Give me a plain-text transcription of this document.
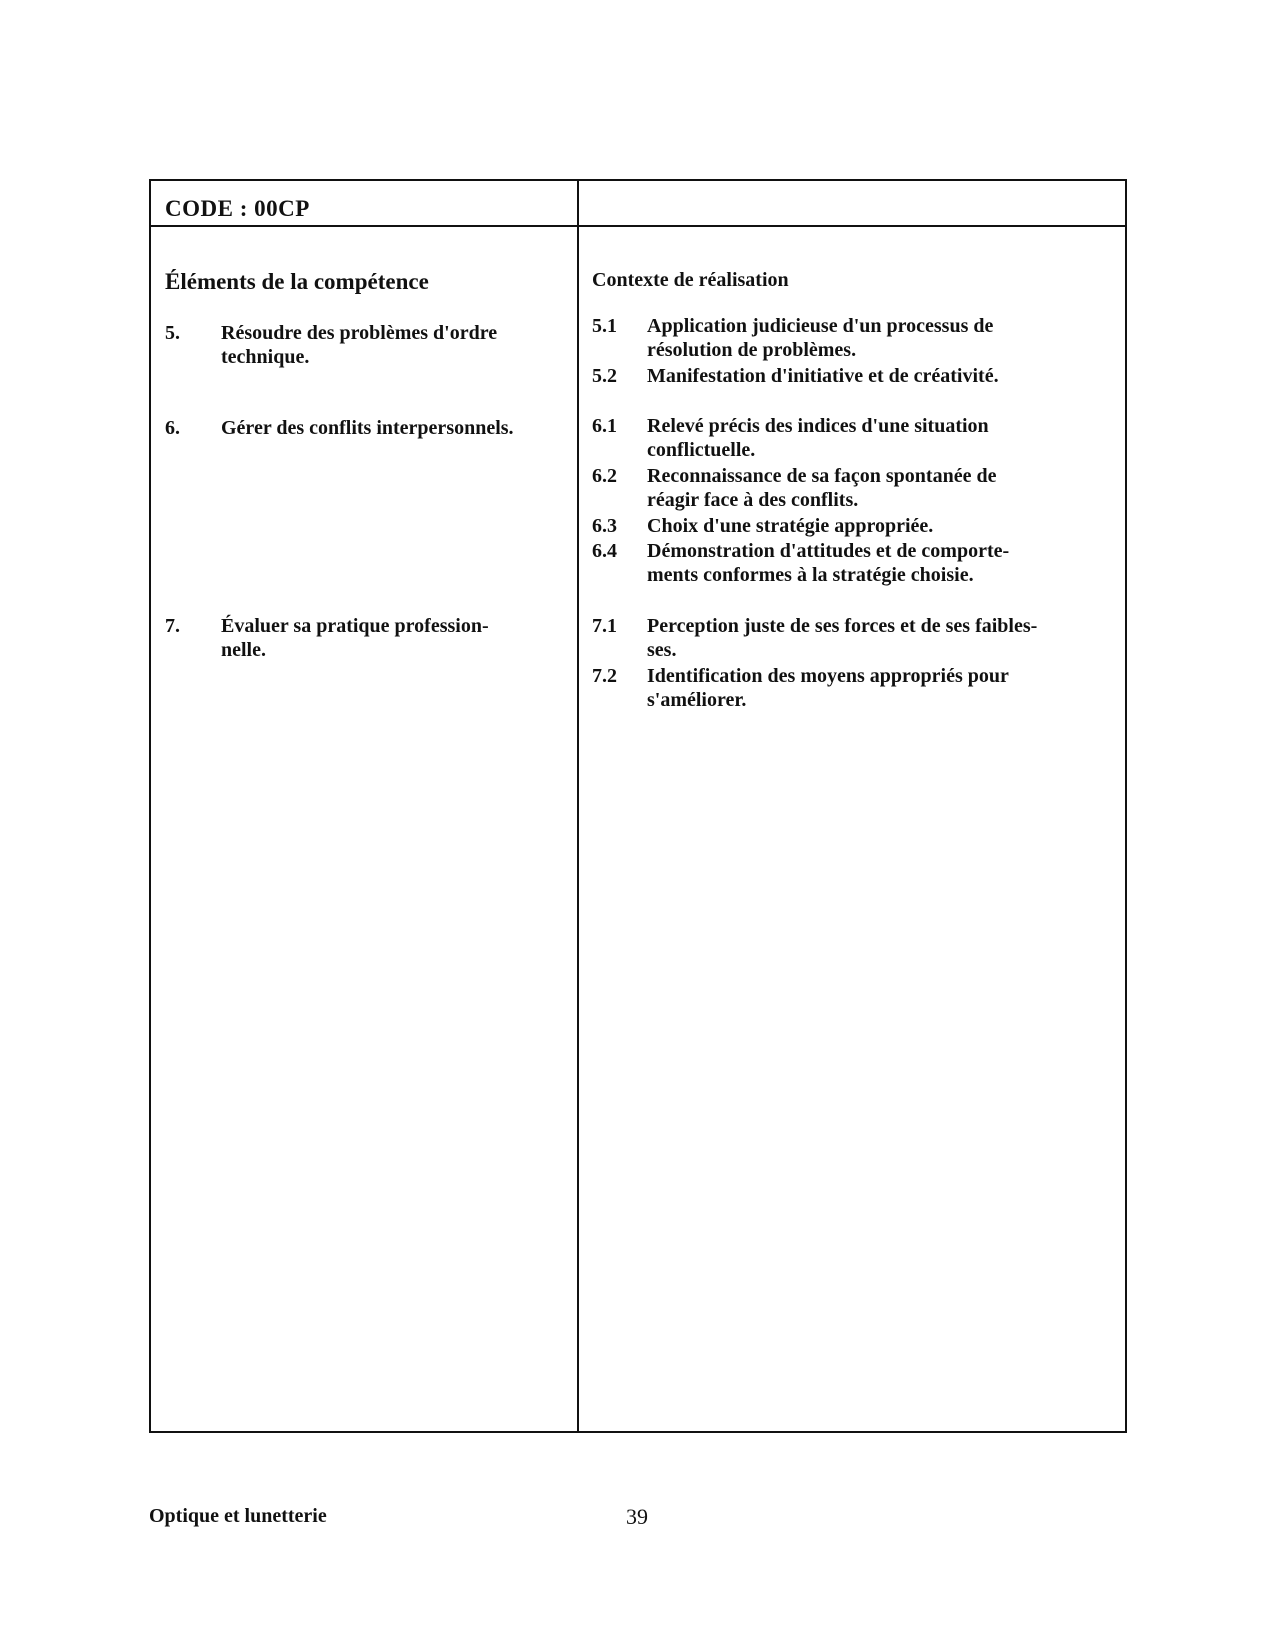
CODE : 00CP
Éléments de la compétence	Contexte de réalisation
5. Résoudre des problèmes d'ordre
technique.
6. Gérer des conflits interpersonnels.
7. Évaluer sa pratique profession-
nelle.
5.1 Application judicieuse d'un processus de
résolution de problèmes.
5.2 Manifestation d'initiative et de créativité.
6.1 Relevé précis des indices d'une situation
conflictuelle.
6.2 Reconnaissance de sa façon spontanée de
réagir face à des conflits.
6.3 Choix d'une stratégie appropriée.
6.4 Démonstration d'attitudes et de comporte-
ments conformes à la stratégie choisie.
7.1 Perception juste de ses forces et de ses faibles-
ses.
7.2 Identification des moyens appropriés pour
s'améliorer.
Optique et lunetterie	39
